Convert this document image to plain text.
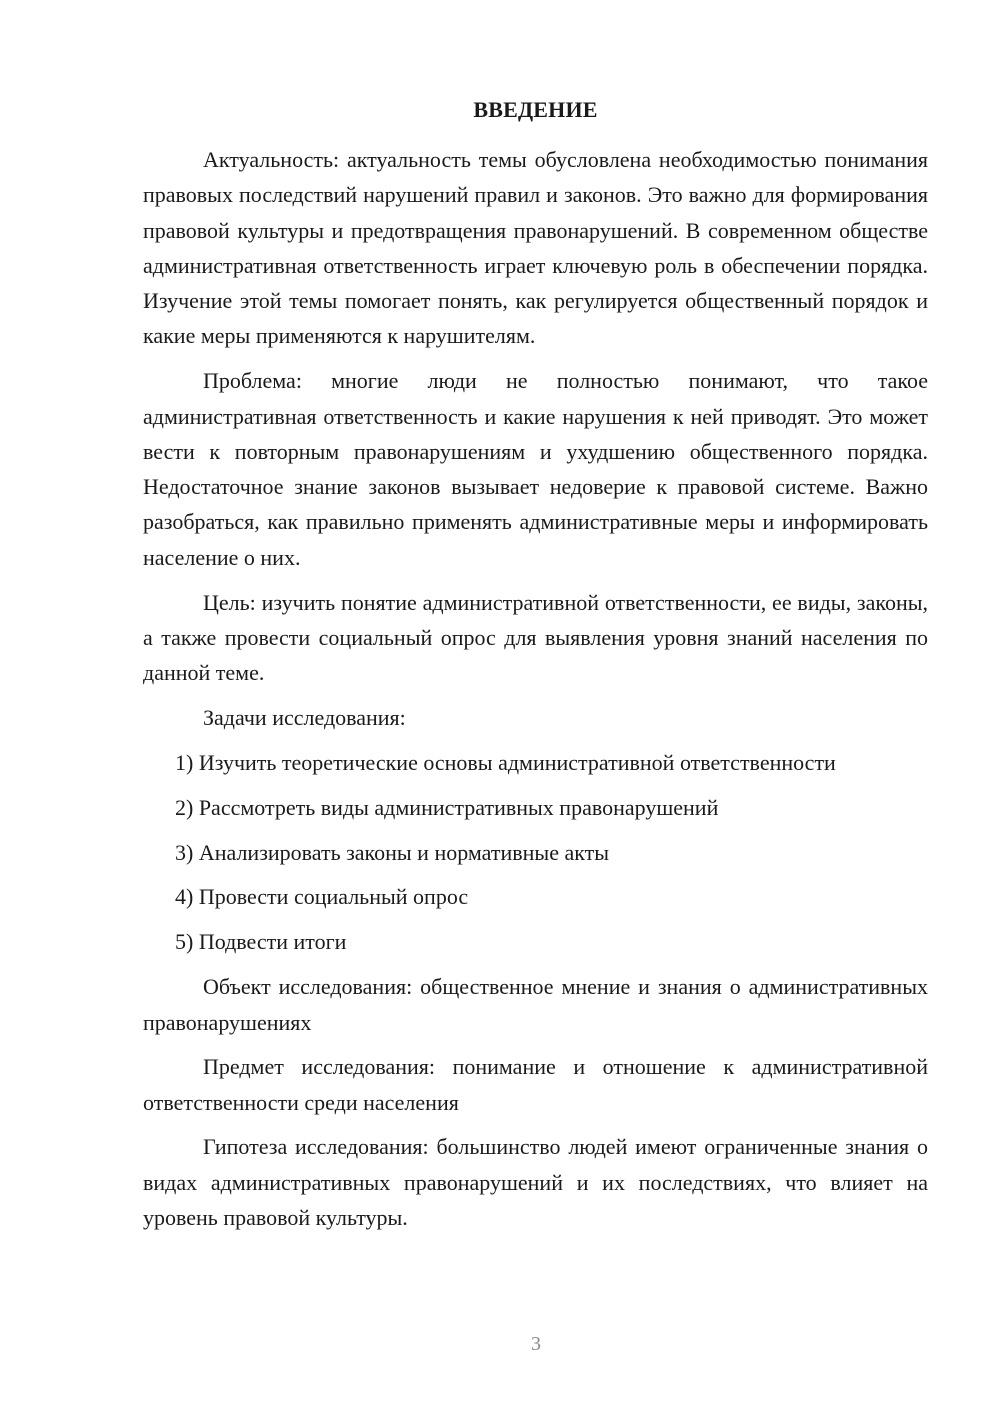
ВВЕДЕНИЕ

Актуальность: актуальность темы обусловлена необходимостью понимания правовых последствий нарушений правил и законов. Это важно для формирования правовой культуры и предотвращения правонарушений. В современном обществе административная ответственность играет ключевую роль в обеспечении порядка. Изучение этой темы помогает понять, как регулируется общественный порядок и какие меры применяются к нарушителям.

Проблема: многие люди не полностью понимают, что такое административная ответственность и какие нарушения к ней приводят. Это может вести к повторным правонарушениям и ухудшению общественного порядка. Недостаточное знание законов вызывает недоверие к правовой системе. Важно разобраться, как правильно применять административные меры и информировать население о них.

Цель: изучить понятие административной ответственности, ее виды, законы, а также провести социальный опрос для выявления уровня знаний населения по данной теме.

Задачи исследования:

1) Изучить теоретические основы административной ответственности
2) Рассмотреть виды административных правонарушений
3) Анализировать законы и нормативные акты
4) Провести социальный опрос
5) Подвести итоги

Объект исследования: общественное мнение и знания о административных правонарушениях

Предмет исследования: понимание и отношение к административной ответственности среди населения

Гипотеза исследования: большинство людей имеют ограниченные знания о видах административных правонарушений и их последствиях, что влияет на уровень правовой культуры.

3
